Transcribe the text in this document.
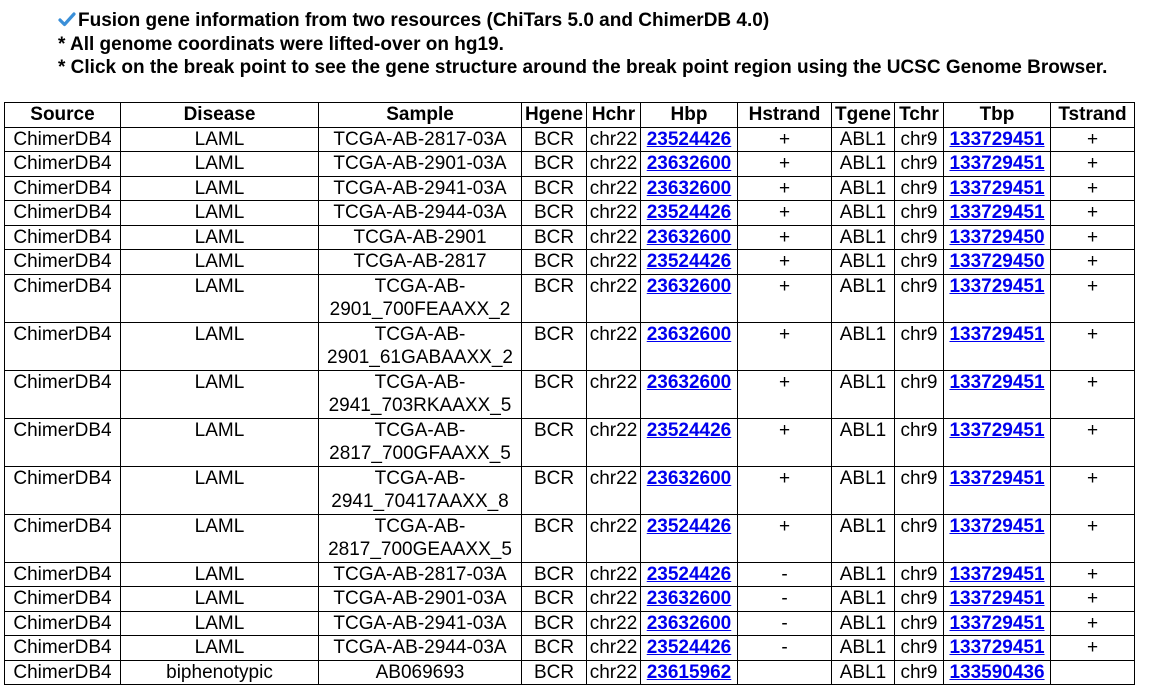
Fusion gene information from two resources (ChiTars 5.0 and ChimerDB 4.0)
* All genome coordinats were lifted-over on hg19.
* Click on the break point to see the gene structure around the break point region using the UCSC Genome Browser.
Source	Disease	Sample	Hgene	Hchr	Hbp	Hstrand	Tgene	Tchr	Tbp	Tstrand
ChimerDB4	LAML	TCGA-AB-2817-03A	BCR	chr22	23524426	+	ABL1	chr9	133729451	+
ChimerDB4	LAML	TCGA-AB-2901-03A	BCR	chr22	23632600	+	ABL1	chr9	133729451	+
ChimerDB4	LAML	TCGA-AB-2941-03A	BCR	chr22	23632600	+	ABL1	chr9	133729451	+
ChimerDB4	LAML	TCGA-AB-2944-03A	BCR	chr22	23524426	+	ABL1	chr9	133729451	+
ChimerDB4	LAML	TCGA-AB-2901	BCR	chr22	23632600	+	ABL1	chr9	133729450	+
ChimerDB4	LAML	TCGA-AB-2817	BCR	chr22	23524426	+	ABL1	chr9	133729450	+
ChimerDB4	LAML	TCGA-AB-
2901_700FEAAXX_2	BCR	chr22	23632600	+	ABL1	chr9	133729451	+
ChimerDB4	LAML	TCGA-AB-
2901_61GABAAXX_2	BCR	chr22	23632600	+	ABL1	chr9	133729451	+
ChimerDB4	LAML	TCGA-AB-
2941_703RKAAXX_5	BCR	chr22	23632600	+	ABL1	chr9	133729451	+
ChimerDB4	LAML	TCGA-AB-
2817_700GFAAXX_5	BCR	chr22	23524426	+	ABL1	chr9	133729451	+
ChimerDB4	LAML	TCGA-AB-
2941_70417AAXX_8	BCR	chr22	23632600	+	ABL1	chr9	133729451	+
ChimerDB4	LAML	TCGA-AB-
2817_700GEAAXX_5	BCR	chr22	23524426	+	ABL1	chr9	133729451	+
ChimerDB4	LAML	TCGA-AB-2817-03A	BCR	chr22	23524426	-	ABL1	chr9	133729451	+
ChimerDB4	LAML	TCGA-AB-2901-03A	BCR	chr22	23632600	-	ABL1	chr9	133729451	+
ChimerDB4	LAML	TCGA-AB-2941-03A	BCR	chr22	23632600	-	ABL1	chr9	133729451	+
ChimerDB4	LAML	TCGA-AB-2944-03A	BCR	chr22	23524426	-	ABL1	chr9	133729451	+
ChimerDB4	biphenotypic	AB069693	BCR	chr22	23615962		ABL1	chr9	133590436	
